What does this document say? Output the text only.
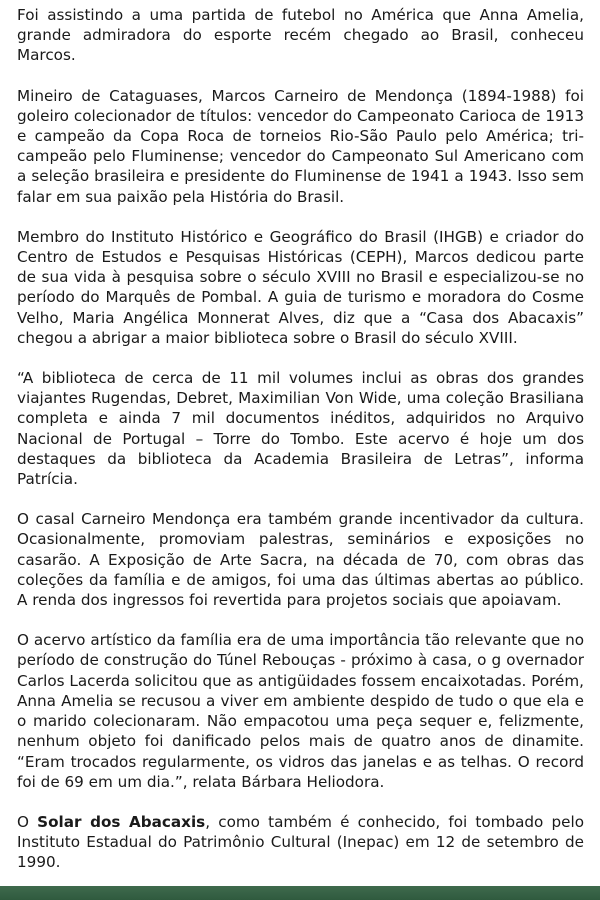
Foi assistindo a uma partida de futebol no América que Anna Amelia, grande admiradora do esporte recém chegado ao Brasil, conheceu Marcos.

Mineiro de Cataguases, Marcos Carneiro de Mendonça (1894-1988) foi goleiro colecionador de títulos: vencedor do Campeonato Carioca de 1913 e campeão da Copa Roca de torneios Rio-São Paulo pelo América; tri-campeão pelo Fluminense; vencedor do Campeonato Sul Americano com a seleção brasileira e presidente do Fluminense de 1941 a 1943. Isso sem falar em sua paixão pela História do Brasil.

Membro do Instituto Histórico e Geográfico do Brasil (IHGB) e criador do Centro de Estudos e Pesquisas Históricas (CEPH), Marcos dedicou parte de sua vida à pesquisa sobre o século XVIII no Brasil e especializou-se no período do Marquês de Pombal. A guia de turismo e moradora do Cosme Velho, Maria Angélica Monnerat Alves, diz que a “Casa dos Abacaxis” chegou a abrigar a maior biblioteca sobre o Brasil do século XVIII.

“A biblioteca de cerca de 11 mil volumes inclui as obras dos grandes viajantes Rugendas, Debret, Maximilian Von Wide, uma coleção Brasiliana completa e ainda 7 mil documentos inéditos, adquiridos no Arquivo Nacional de Portugal – Torre do Tombo. Este acervo é hoje um dos destaques da biblioteca da Academia Brasileira de Letras”, informa Patrícia.

O casal Carneiro Mendonça era também grande incentivador da cultura. Ocasionalmente, promoviam palestras, seminários e exposições no casarão. A Exposição de Arte Sacra, na década de 70, com obras das coleções da família e de amigos, foi uma das últimas abertas ao público. A renda dos ingressos foi revertida para projetos sociais que apoiavam.

O acervo artístico da família era de uma importância tão relevante que no período de construção do Túnel Rebouças - próximo à casa, o g overnador Carlos Lacerda solicitou que as antigüidades fossem encaixotadas. Porém, Anna Amelia se recusou a viver em ambiente despido de tudo o que ela e o marido colecionaram. Não empacotou uma peça sequer e, felizmente, nenhum objeto foi danificado pelos mais de quatro anos de dinamite. “Eram trocados regularmente, os vidros das janelas e as telhas. O record foi de 69 em um dia.”, relata Bárbara Heliodora.

O Solar dos Abacaxis, como também é conhecido, foi tombado pelo Instituto Estadual do Patrimônio Cultural (Inepac) em 12 de setembro de 1990.
